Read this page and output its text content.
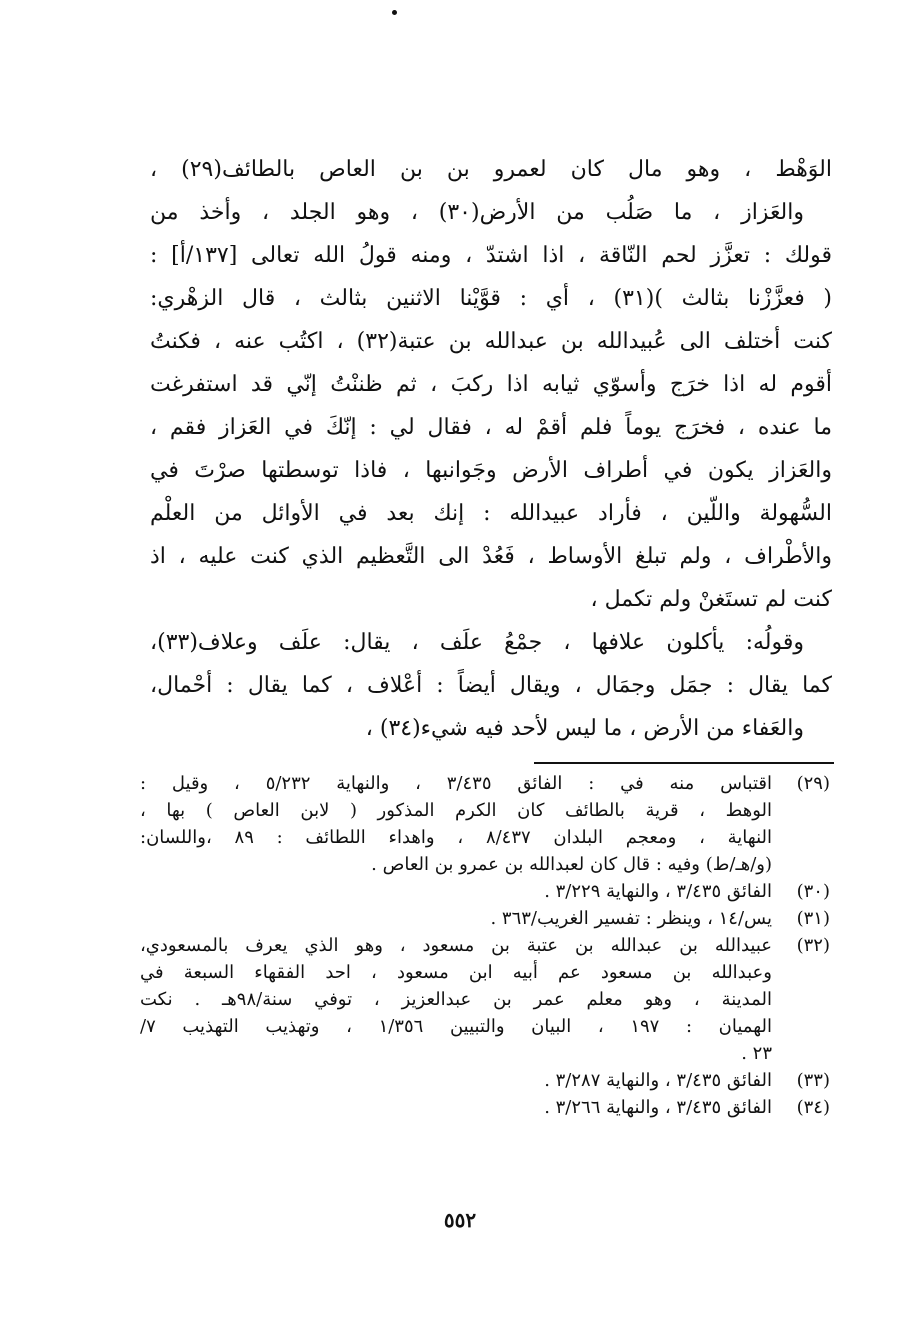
الوَهْط ، وهو مال كان لعمرو بن بن العاص بالطائف(٢٩) ،
والعَزاز ، ما صَلُب من الأرض(٣٠) ، وهو الجلد ، وأخذ من
قولك : تعزَّز لحم النّاقة ، اذا اشتدّ ، ومنه قولُ الله تعالى [١٣٧/أ] :
( فعزَّزْنا بثالث )(٣١) ، أي : قوَّيْنا الاثنين بثالث ، قال الزهْري:
كنت أختلف الى عُبيدالله بن عبدالله بن عتبة(٣٢) ، اكتُب عنه ، فكنتُ
أقوم له اذا خرَج وأسوّي ثيابه اذا ركبَ ، ثم ظننْتُ إنّي قد استفرغت
ما عنده ، فخرَج يوماً فلم أقمْ له ، فقال لي : إنّكَ في العَزاز فقم ،
والعَزاز يكون في أطراف الأرض وجَوانبها ، فاذا توسطتها صرْتَ في
السُّهولة واللّين ، فأراد عبيدالله : إنك بعد في الأوائل من العلْم
والأطْراف ، ولم تبلغ الأوساط ، فَعُدْ الى التَّعظيم الذي كنت عليه ، اذ
كنت لم تستَغنْ ولم تكمل ،
وقولُه: يأكلون علافها ، جمْعُ علَف ، يقال: علَف وعلاف(٣٣)،
كما يقال : جمَل وجمَال ، ويقال أيضاً : أعْلاف ، كما يقال : أحْمال،
والعَفاء من الأرض ، ما ليس لأحد فيه شيء(٣٤) ،
(٢٩)
اقتباس منه في : الفائق ٣/٤٣٥ ، والنهاية ٥/٢٣٢ ، وقيل :
الوهط ، قرية بالطائف كان الكرم المذكور ( لابن العاص ) بها ،
النهاية ، ومعجم البلدان ٨/٤٣٧ ، واهداء اللطائف : ٨٩ ،واللسان:
(و/هـ/ط) وفيه : قال كان لعبدالله بن عمرو بن العاص .
(٣٠)
الفائق ٣/٤٣٥ ، والنهاية ٣/٢٢٩ .
(٣١)
يس/١٤ ، وينظر : تفسير الغريب/٣٦٣ .
(٣٢)
عبيدالله بن عبدالله بن عتبة بن مسعود ، وهو الذي يعرف بالمسعودي،
وعبدالله بن مسعود عم أبيه ابن مسعود ، احد الفقهاء السبعة في
المدينة ، وهو معلم عمر بن عبدالعزيز ، توفي سنة/٩٨هـ . نكت
الهميان : ١٩٧ ، البيان والتبيين ١/٣٥٦ ، وتهذيب التهذيب ٧/
٢٣ .
(٣٣)
الفائق ٣/٤٣٥ ، والنهاية ٣/٢٨٧ .
(٣٤)
الفائق ٣/٤٣٥ ، والنهاية ٣/٢٦٦ .
٥٥٢
